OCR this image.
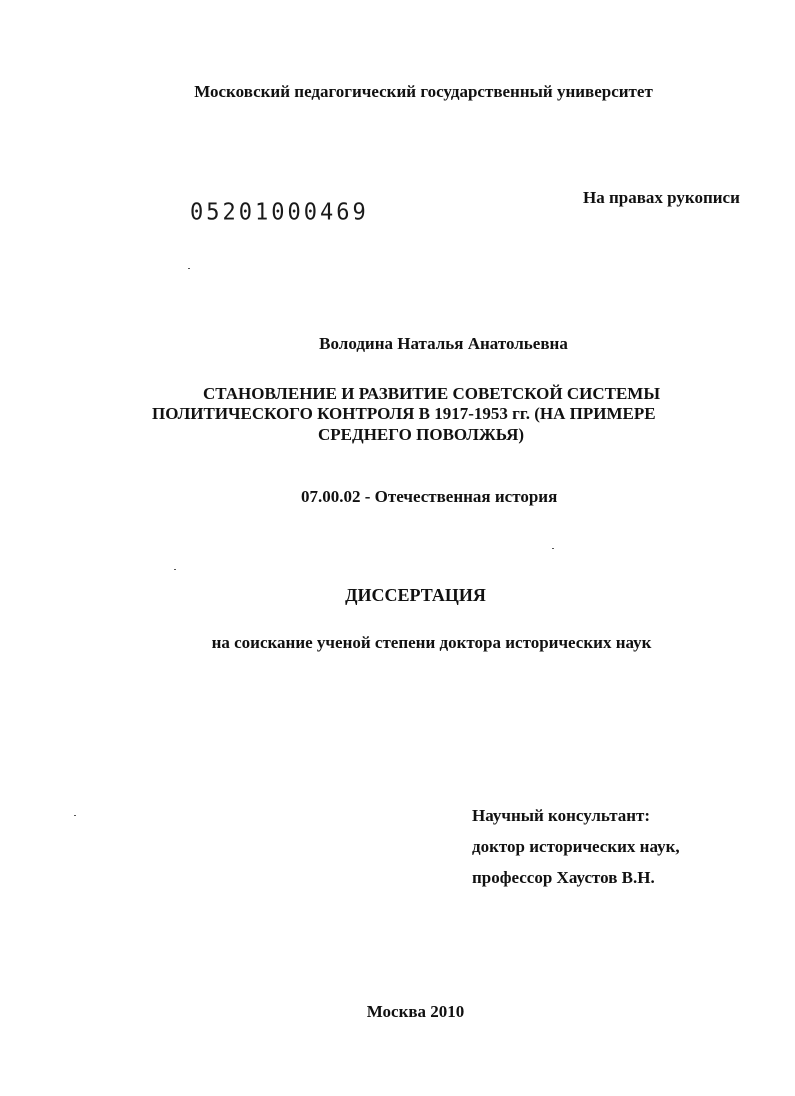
Московский педагогический государственный университет
05201000469
На правах рукописи
Володина Наталья Анатольевна
СТАНОВЛЕНИЕ И РАЗВИТИЕ СОВЕТСКОЙ СИСТЕМЫ
ПОЛИТИЧЕСКОГО КОНТРОЛЯ В 1917-1953 гг. (НА ПРИМЕРЕ
СРЕДНЕГО ПОВОЛЖЬЯ)
07.00.02 - Отечественная история
ДИССЕРТАЦИЯ
на соискание ученой степени доктора исторических наук
Научный консультант:
доктор исторических наук,
профессор Хаустов В.Н.
Москва 2010
